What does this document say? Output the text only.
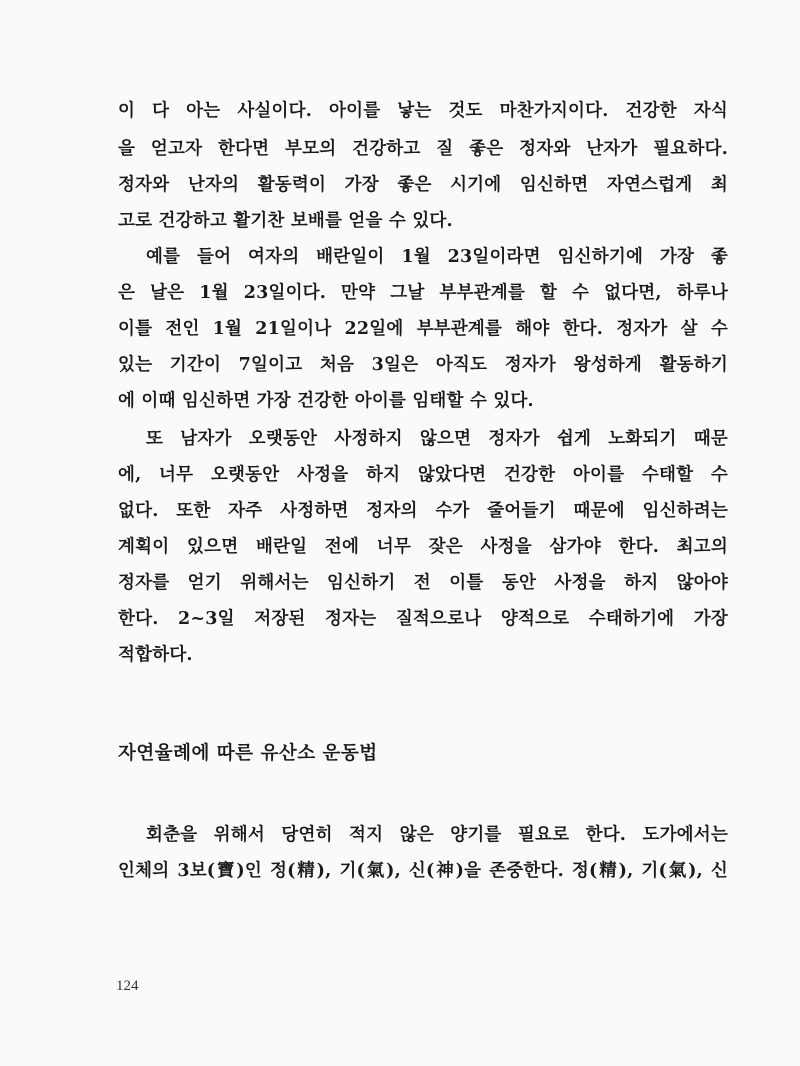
이 다 아는 사실이다. 아이를 낳는 것도 마찬가지이다. 건강한 자식
을 얻고자 한다면 부모의 건강하고 질 좋은 정자와 난자가 필요하다.
정자와 난자의 활동력이 가장 좋은 시기에 임신하면 자연스럽게 최
고로 건강하고 활기찬 보배를 얻을 수 있다.
예를 들어 여자의 배란일이 1월 23일이라면 임신하기에 가장 좋
은 날은 1월 23일이다. 만약 그날 부부관계를 할 수 없다면, 하루나
이틀 전인 1월 21일이나 22일에 부부관계를 해야 한다. 정자가 살 수
있는 기간이 7일이고 처음 3일은 아직도 정자가 왕성하게 활동하기
에 이때 임신하면 가장 건강한 아이를 임태할 수 있다.
또 남자가 오랫동안 사정하지 않으면 정자가 쉽게 노화되기 때문
에, 너무 오랫동안 사정을 하지 않았다면 건강한 아이를 수태할 수
없다. 또한 자주 사정하면 정자의 수가 줄어들기 때문에 임신하려는
계획이 있으면 배란일 전에 너무 잦은 사정을 삼가야 한다. 최고의
정자를 얻기 위해서는 임신하기 전 이틀 동안 사정을 하지 않아야
한다. 2~3일 저장된 정자는 질적으로나 양적으로 수태하기에 가장
적합하다.
자연율례에 따른 유산소 운동법
회춘을 위해서 당연히 적지 않은 양기를 필요로 한다. 도가에서는
인체의 3보(寶)인 정(精), 기(氣), 신(神)을 존중한다. 정(精), 기(氣), 신
124
